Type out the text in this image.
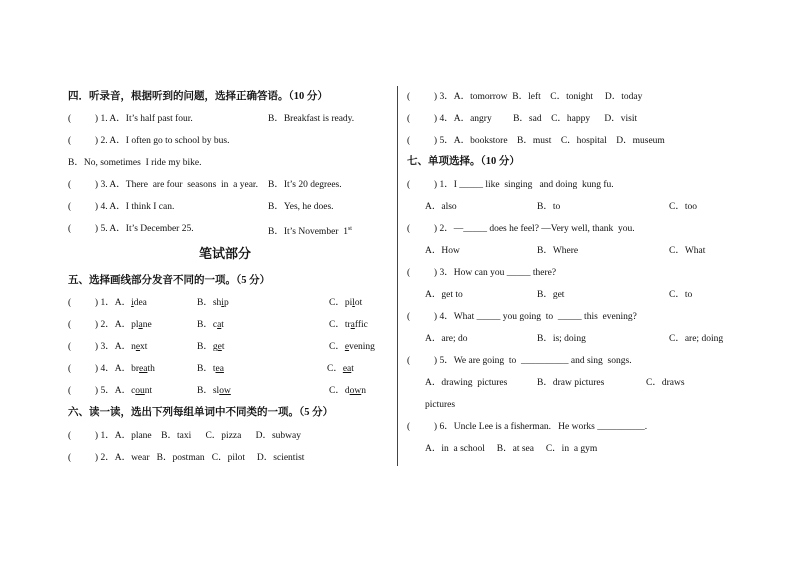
四．听录音，根据听到的问题，选择正确答语。（10 分）
(          ) 1. A．It’s half past four.	B．Breakfast is ready.
(          ) 2. A．I often go to school by bus.
B．No, sometimes  I ride my bike.
(          ) 3. A．There  are four  seasons  in  a year. B．It’s 20 degrees.
(          ) 4. A．I think I can.	B．Yes, he does.
(          ) 5. A．It’s December 25.	B．It’s November  1st
笔试部分
五、选择画线部分发音不同的一项。（5 分）
(          ) 1．A．idea	B．ship	C．pilot
(          ) 2．A．plane	B．cat	C．traffic
(          ) 3．A．next	B．get	C．evening
(          ) 4．A．breath	B．tea	C．eat
(          ) 5．A．count	B．slow	C．down
六、读一读，选出下列每组单词中不同类的一项。（5 分）
(          ) 1．A．plane    B．taxi      C．pizza      D．subway
(          ) 2．A．wear   B．postman   C．pilot     D．scientist
(          ) 3．A．tomorrow  B．left    C．tonight     D．today
(          ) 4．A．angry         B．sad    C．happy      D．visit
(          ) 5．A．bookstore    B．must    C．hospital    D．museum
七、单项选择。（10 分）
(          ) 1．I _____ like  singing   and doing  kung fu.
A．also	B．to	C．too
(          ) 2．—_____ does he feel? —Very well, thank  you.
A．How	B．Where	C．What
(          ) 3．How can you _____ there?
A．get to	B．get	C．to
(          ) 4．What _____ you going  to  _____ this  evening?
A．are; do	B．is; doing	C．are; doing
(          ) 5．We are going  to  __________ and sing  songs.
A．drawing  pictures	B．draw pictures	C．draws
pictures
(          ) 6．Uncle Lee is a fisherman.   He works __________.
A．in  a school     B．at sea     C．in  a gym
